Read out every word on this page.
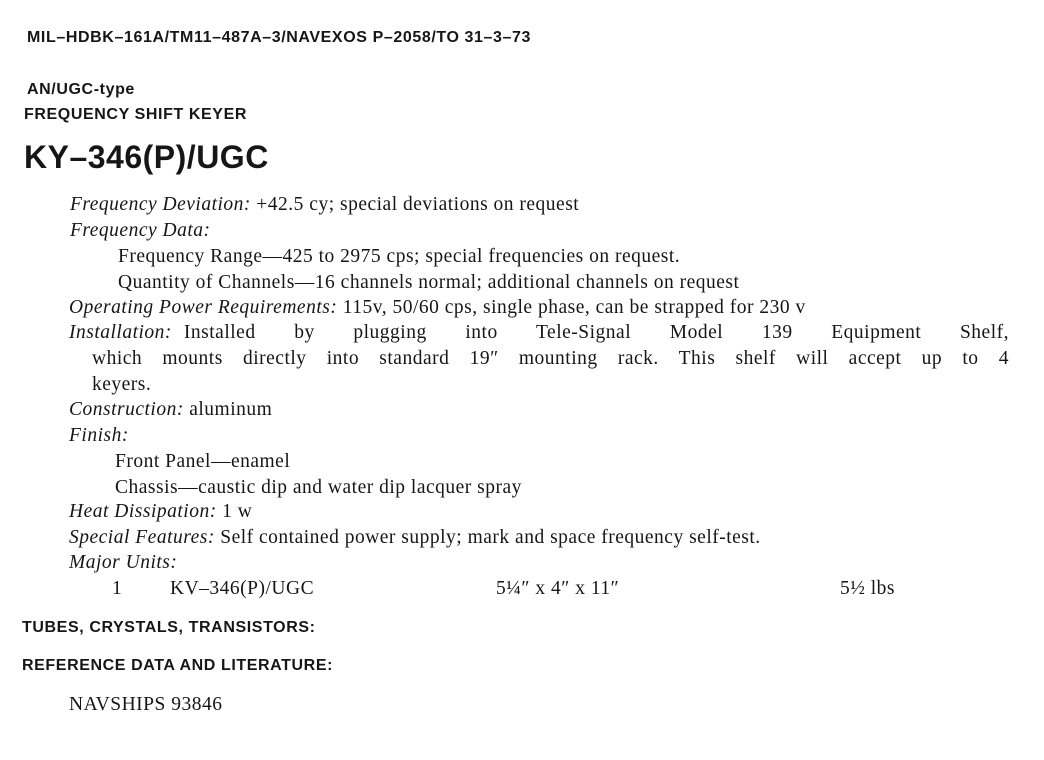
MIL–HDBK–161A/TM11–487A–3/NAVEXOS P–2058/TO 31–3–73
AN/UGC-type
FREQUENCY SHIFT KEYER
KY–346(P)/UGC
Frequency Deviation: +42.5 cy; special deviations on request
Frequency Data:
Frequency Range—425 to 2975 cps; special frequencies on request.
Quantity of Channels—16 channels normal; additional channels on request
Operating Power Requirements: 115v, 50/60 cps, single phase, can be strapped for 230 v
Installation: Installed by plugging into Tele-Signal Model 139 Equipment Shelf,
which mounts directly into standard 19″ mounting rack. This shelf will accept up to 4
keyers.
Construction: aluminum
Finish:
Front Panel—enamel
Chassis—caustic dip and water dip lacquer spray
Heat Dissipation: 1 w
Special Features: Self contained power supply; mark and space frequency self-test.
Major Units:
1 KV–346(P)/UGC	5¼″ x 4″ x 11″	5½ lbs
TUBES, CRYSTALS, TRANSISTORS:
REFERENCE DATA AND LITERATURE:
NAVSHIPS 93846
